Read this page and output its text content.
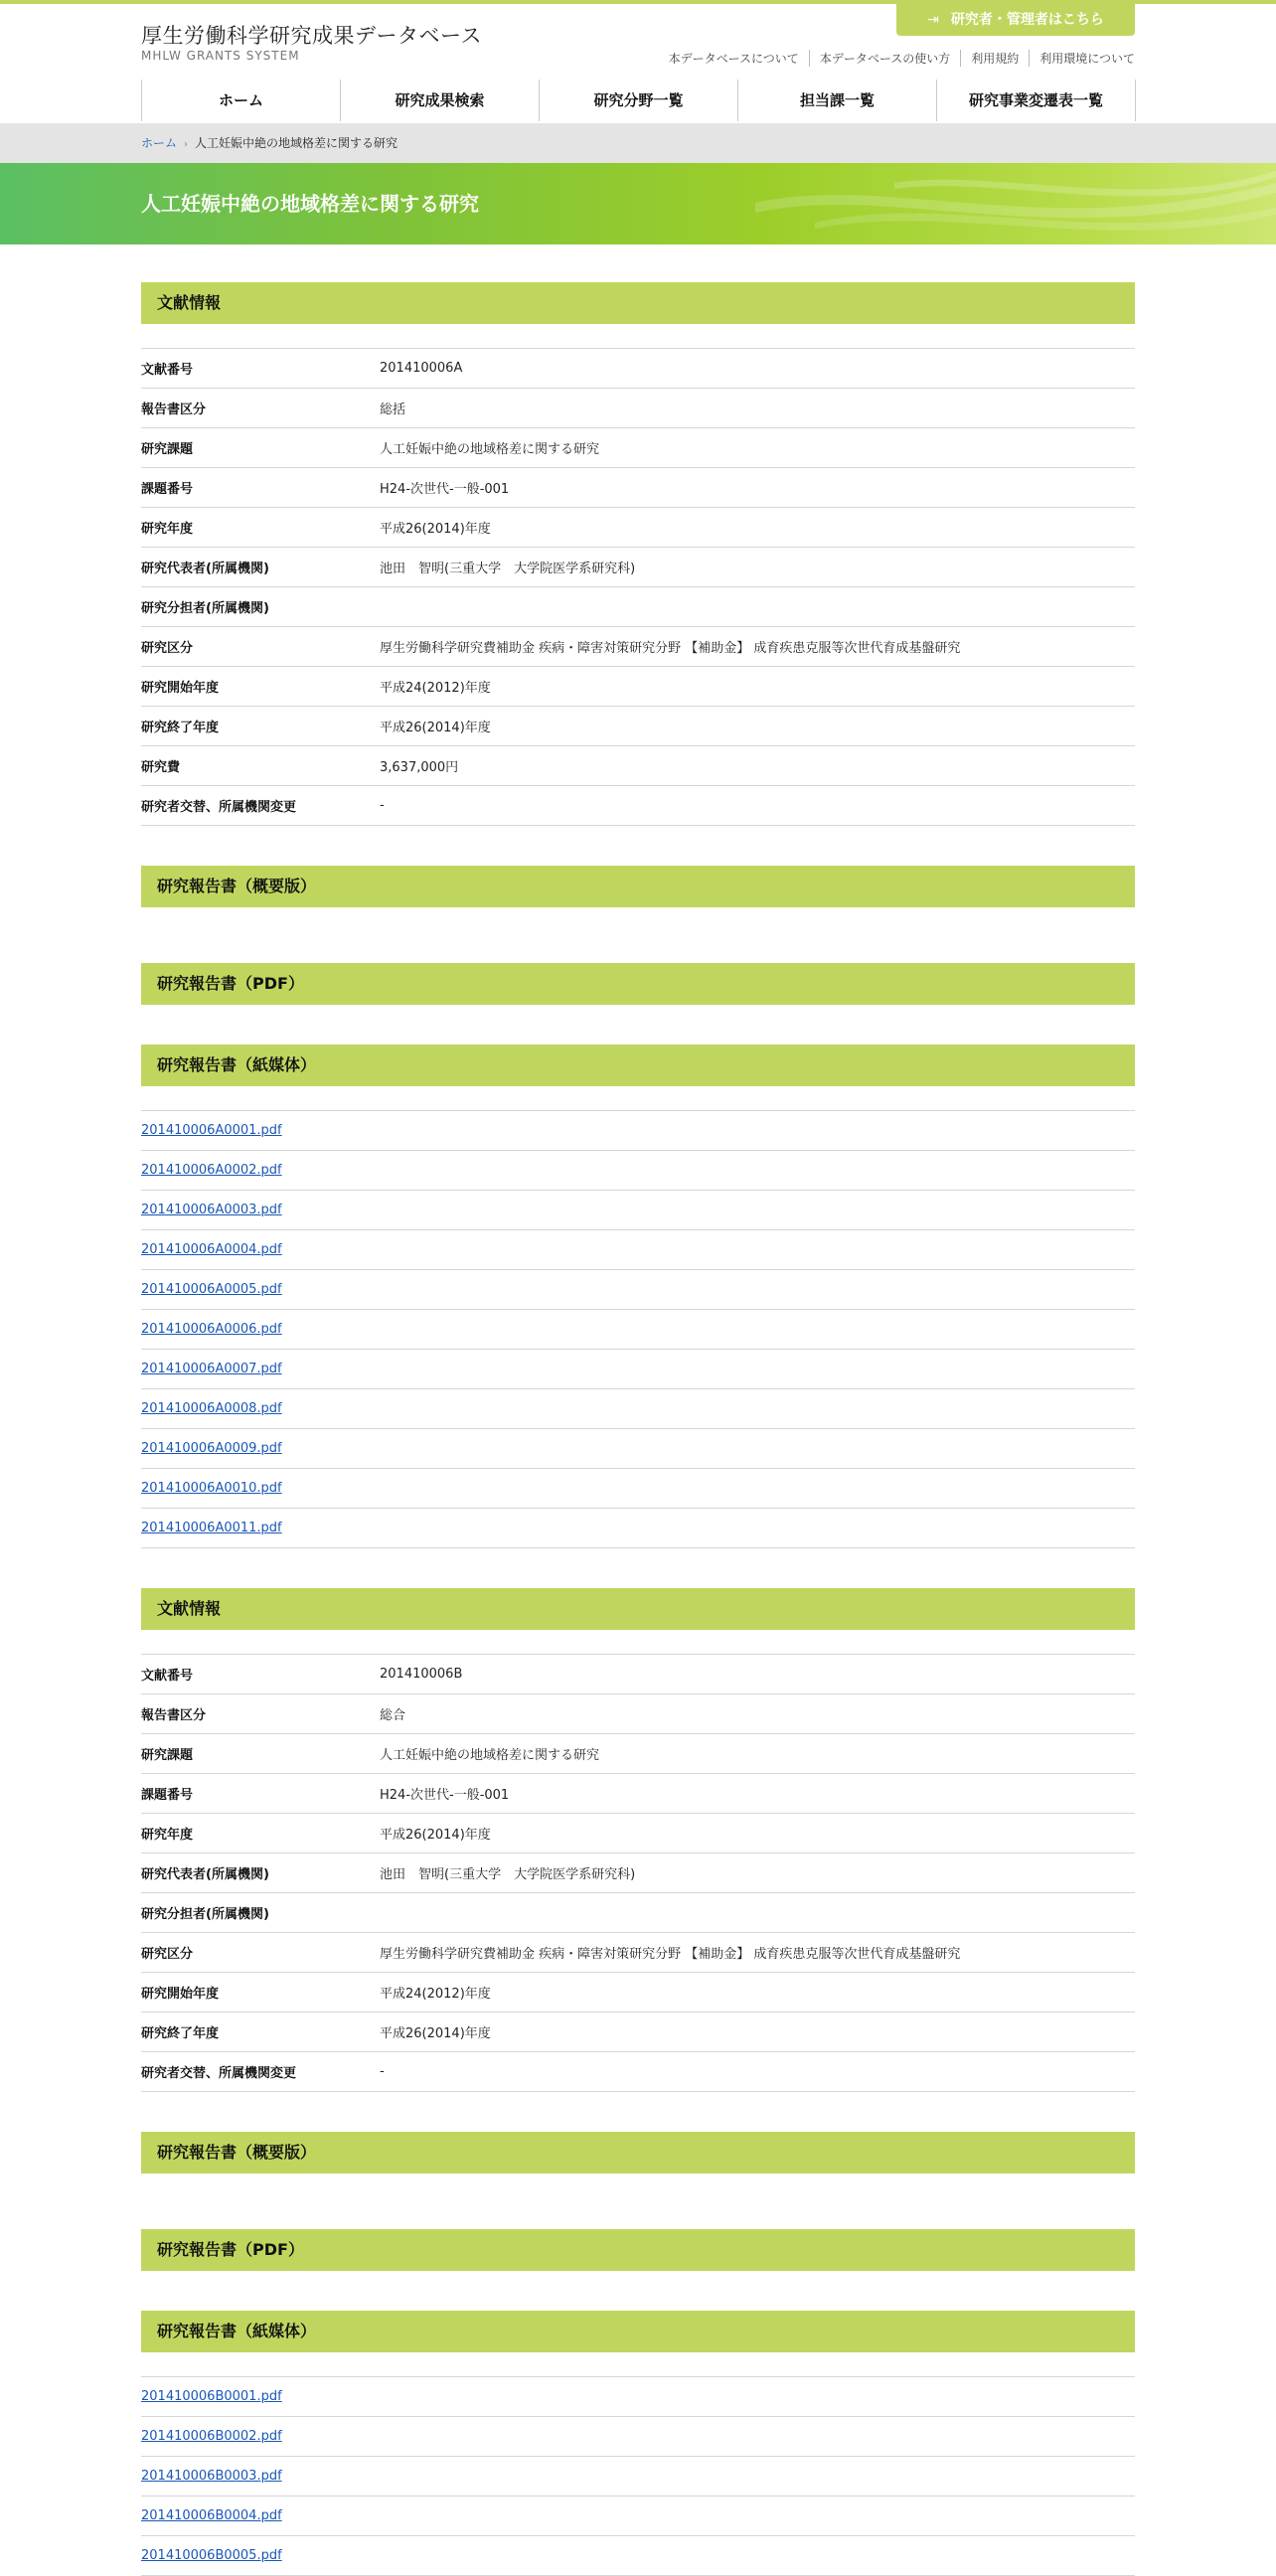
厚生労働科学研究成果データベース
MHLW GRANTS SYSTEM
⇥ 研究者・管理者はこちら
本データベースについて	本データベースの使い方	利用規約	利用環境について
ホーム	研究成果検索	研究分野一覧	担当課一覧	研究事業変遷表一覧
ホーム › 人工妊娠中絶の地域格差に関する研究
人工妊娠中絶の地域格差に関する研究
文献情報
文献番号	201410006A
報告書区分	総括
研究課題	人工妊娠中絶の地域格差に関する研究
課題番号	H24-次世代-一般-001
研究年度	平成26(2014)年度
研究代表者(所属機関)	池田　智明(三重大学　大学院医学系研究科)
研究分担者(所属機関)
研究区分	厚生労働科学研究費補助金 疾病・障害対策研究分野 【補助金】 成育疾患克服等次世代育成基盤研究
研究開始年度	平成24(2012)年度
研究終了年度	平成26(2014)年度
研究費	3,637,000円
研究者交替、所属機関変更	-
研究報告書（概要版）
研究報告書（PDF）
研究報告書（紙媒体）
201410006A0001.pdf
201410006A0002.pdf
201410006A0003.pdf
201410006A0004.pdf
201410006A0005.pdf
201410006A0006.pdf
201410006A0007.pdf
201410006A0008.pdf
201410006A0009.pdf
201410006A0010.pdf
201410006A0011.pdf
文献情報
文献番号	201410006B
報告書区分	総合
研究課題	人工妊娠中絶の地域格差に関する研究
課題番号	H24-次世代-一般-001
研究年度	平成26(2014)年度
研究代表者(所属機関)	池田　智明(三重大学　大学院医学系研究科)
研究分担者(所属機関)
研究区分	厚生労働科学研究費補助金 疾病・障害対策研究分野 【補助金】 成育疾患克服等次世代育成基盤研究
研究開始年度	平成24(2012)年度
研究終了年度	平成26(2014)年度
研究者交替、所属機関変更	-
研究報告書（概要版）
研究報告書（PDF）
研究報告書（紙媒体）
201410006B0001.pdf
201410006B0002.pdf
201410006B0003.pdf
201410006B0004.pdf
201410006B0005.pdf
